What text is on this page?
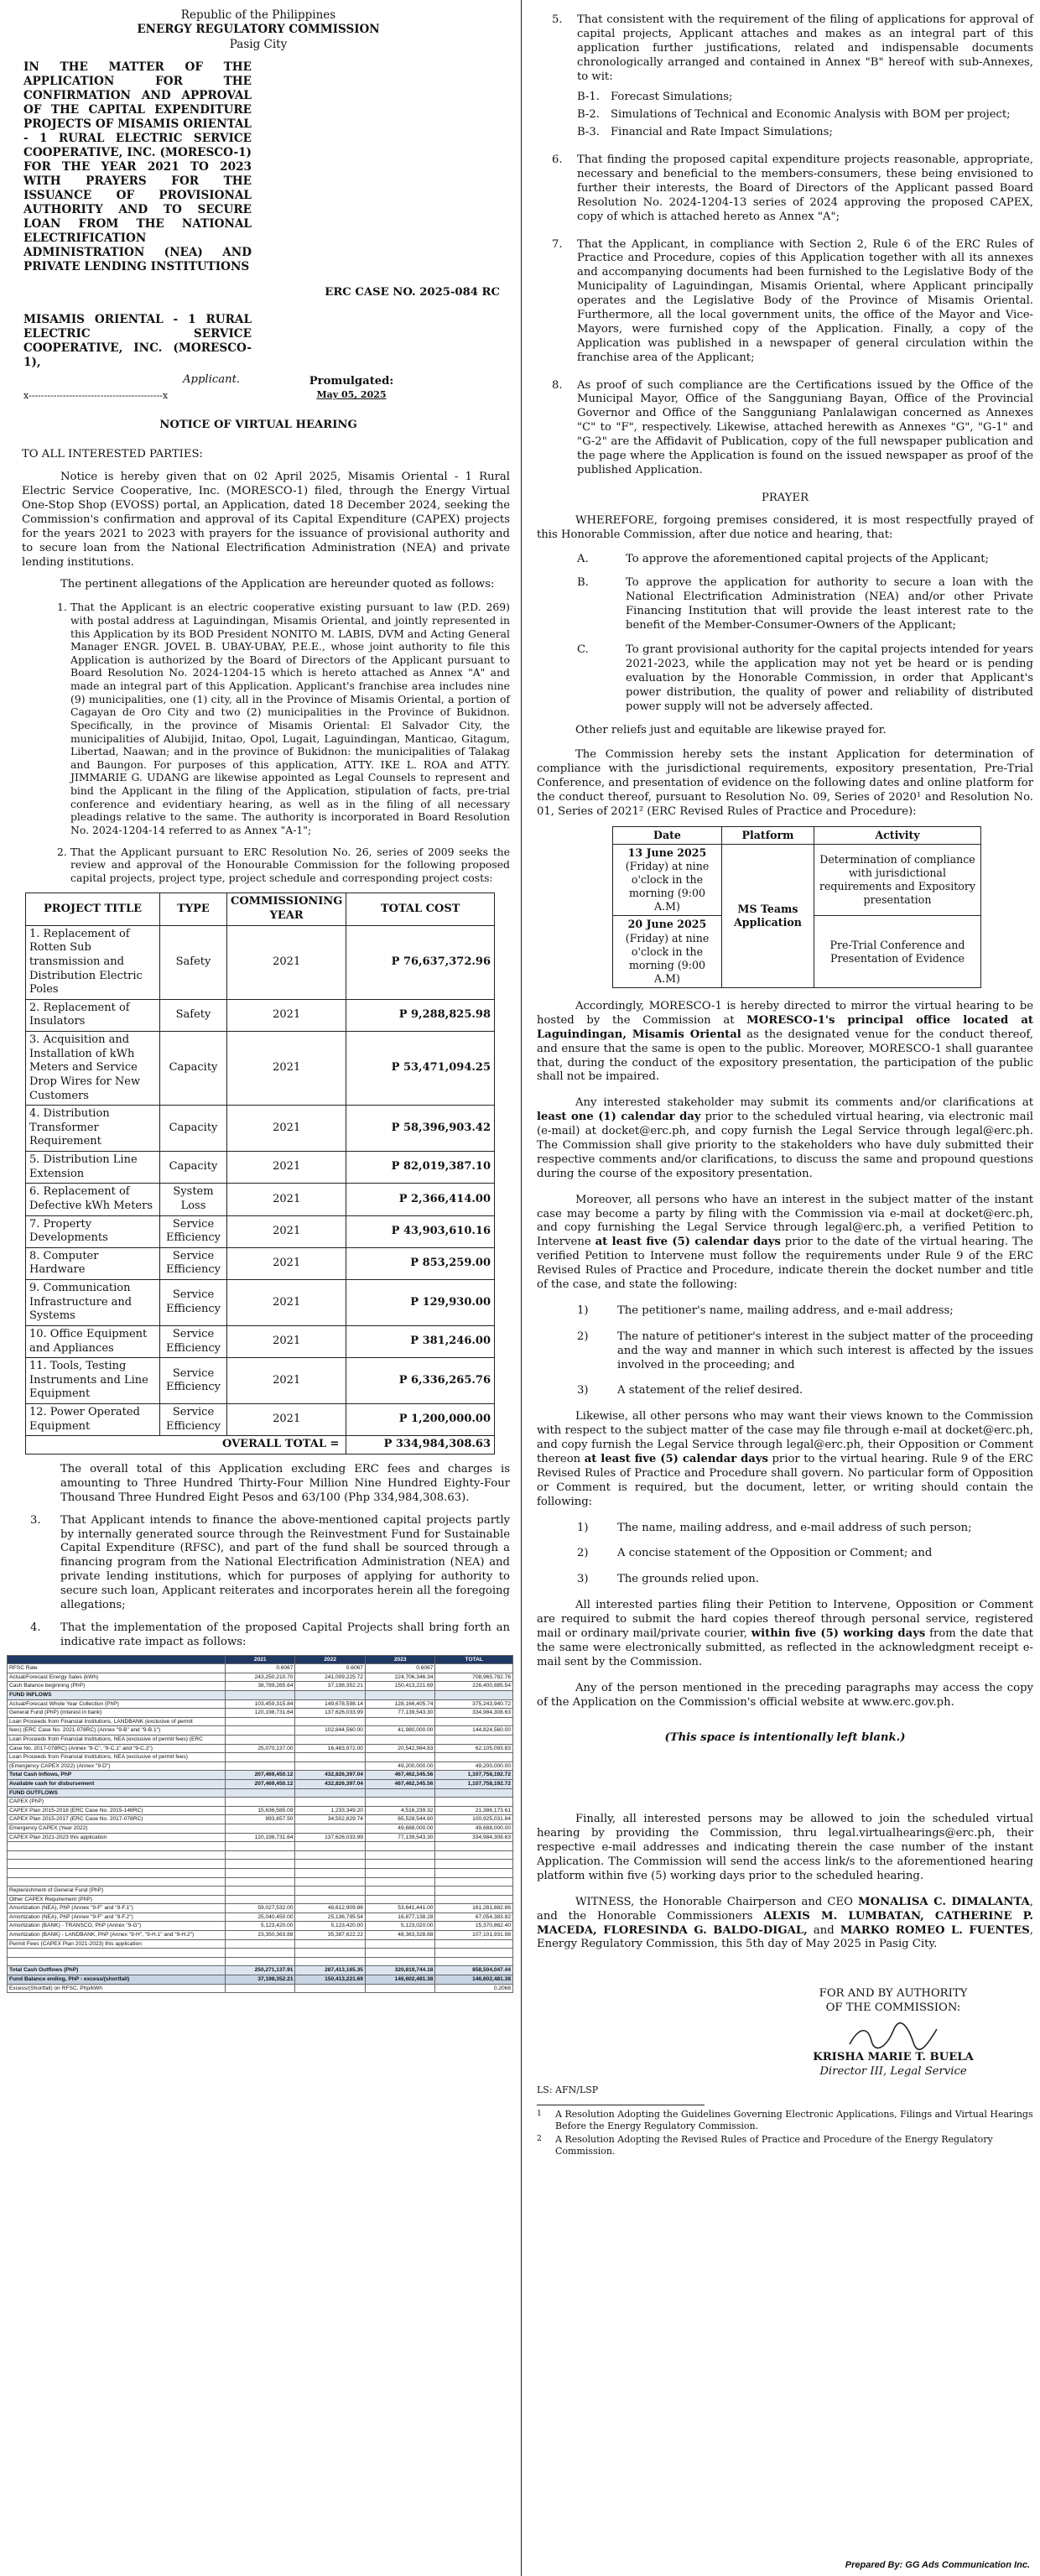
Republic of the Philippines
ENERGY REGULATORY COMMISSION
Pasig City
IN THE MATTER OF THE APPLICATION FOR THE CONFIRMATION AND APPROVAL OF THE CAPITAL EXPENDITURE PROJECTS OF MISAMIS ORIENTAL - 1 RURAL ELECTRIC SERVICE COOPERATIVE, INC. (MORESCO-1) FOR THE YEAR 2021 TO 2023 WITH PRAYERS FOR THE ISSUANCE OF PROVISIONAL AUTHORITY AND TO SECURE LOAN FROM THE NATIONAL ELECTRIFICATION ADMINISTRATION (NEA) AND PRIVATE LENDING INSTITUTIONS
ERC CASE NO. 2025-084 RC
MISAMIS ORIENTAL - 1 RURAL ELECTRIC SERVICE COOPERATIVE, INC. (MORESCO-1),
Applicant.	Promulgated:
May 05, 2025
x-------------------------------------------x
NOTICE OF VIRTUAL HEARING
TO ALL INTERESTED PARTIES:

Notice is hereby given that on 02 April 2025, Misamis Oriental - 1 Rural Electric Service Cooperative, Inc. (MORESCO-1) filed, through the Energy Virtual One-Stop Shop (EVOSS) portal, an Application, dated 18 December 2024, seeking the Commission's confirmation and approval of its Capital Expenditure (CAPEX) projects for the years 2021 to 2023 with prayers for the issuance of provisional authority and to secure loan from the National Electrification Administration (NEA) and private lending institutions.

The pertinent allegations of the Application are hereunder quoted as follows:

1. That the Applicant is an electric cooperative existing pursuant to law (P.D. 269) with postal address at Laguindingan, Misamis Oriental, and jointly represented in this Application by its BOD President NONITO M. LABIS, DVM and Acting General Manager ENGR. JOVEL B. UBAY-UBAY, P.E.E., whose joint authority to file this Application is authorized by the Board of Directors of the Applicant pursuant to Board Resolution No. 2024-1204-15 which is hereto attached as Annex "A" and made an integral part of this Application. Applicant's franchise area includes nine (9) municipalities, one (1) city, all in the Province of Misamis Oriental, a portion of Cagayan de Oro City and two (2) municipalities in the Province of Bukidnon. Specifically, in the province of Misamis Oriental: El Salvador City, the municipalities of Alubijid, Initao, Opol, Lugait, Laguindingan, Manticao, Gitagum, Libertad, Naawan; and in the province of Bukidnon: the municipalities of Talakag and Baungon. For purposes of this application, ATTY. IKE L. ROA and ATTY. JIMMARIE G. UDANG are likewise appointed as Legal Counsels to represent and bind the Applicant in the filing of the Application, stipulation of facts, pre-trial conference and evidentiary hearing, as well as in the filing of all necessary pleadings relative to the same. The authority is incorporated in Board Resolution No. 2024-1204-14 referred to as Annex "A-1";
2. That the Applicant pursuant to ERC Resolution No. 26, series of 2009 seeks the review and approval of the Honourable Commission for the following proposed capital projects, project type, project schedule and corresponding project costs:
PROJECT TITLE	TYPE	COMMISSIONING YEAR	TOTAL COST
1. Replacement of Rotten Sub transmission and Distribution Electric Poles	Safety	2021	P 76,637,372.96
2. Replacement of Insulators	Safety	2021	P 9,288,825.98
3. Acquisition and Installation of kWh Meters and Service Drop Wires for New Customers	Capacity	2021	P 53,471,094.25
4. Distribution Transformer Requirement	Capacity	2021	P 58,396,903.42
5. Distribution Line Extension	Capacity	2021	P 82,019,387.10
6. Replacement of Defective kWh Meters	System Loss	2021	P 2,366,414.00
7. Property Developments	Service Efficiency	2021	P 43,903,610.16
8. Computer Hardware	Service Efficiency	2021	P 853,259.00
9. Communication Infrastructure and Systems	Service Efficiency	2021	P 129,930.00
10. Office Equipment and Appliances	Service Efficiency	2021	P 381,246.00
11. Tools, Testing Instruments and Line Equipment	Service Efficiency	2021	P 6,336,265.76
12. Power Operated Equipment	Service Efficiency	2021	P 1,200,000.00
OVERALL TOTAL =			P 334,984,308.63

The overall total of this Application excluding ERC fees and charges is amounting to Three Hundred Thirty-Four Million Nine Hundred Eighty-Four Thousand Three Hundred Eight Pesos and 63/100 (Php 334,984,308.63).

3.	That Applicant intends to finance the above-mentioned capital projects partly by internally generated source through the Reinvestment Fund for Sustainable Capital Expenditure (RFSC), and part of the fund shall be sourced through a financing program from the National Electrification Administration (NEA) and private lending institutions, which for purposes of applying for authority to secure such loan, Applicant reiterates and incorporates herein all the foregoing allegations;
4.	That the implementation of the proposed Capital Projects shall bring forth an indicative rate impact as follows:
	2021	2022	2023	TOTAL
RFSC Rate	0.6067	0.6067	0.6067	
Actual/Forecast Energy Sales (kWh)	243,250,210.70	241,009,225.72	224,706,346.34	708,965,782.76
Cash Balance beginning (PhP)	38,789,265.64	37,198,352.21	150,413,221.69	226,400,885.54
FUND INFLOWS				
Actual/Forecast Whole Year Collection (PhP)	103,459,315.84	149,678,598.14	128,166,405.74	375,243,940.72
General Fund (PhP) (Interest in bank)	120,198,731.64	137,626,033.99	77,139,543.30	334,984,308.63
Loan Proceeds from Financial Institutions, LANDBANK (exclusive of permit				
fees) (ERC Case No. 2021-078RC) (Annex "9-B" and "9-B.1")		102,844,560.00	41,980,000.00	144,824,560.00
Loan Proceeds from Financial Institutions, NEA (exclusive of permit fees) (ERC				
Case No. 2017-078RC) (Annex "9-C", "9-C.1" and "9-C.2")	25,070,137.00	16,483,972.00	20,542,984.83	62,105,093.83
Loan Proceeds from Financial Institutions, NEA (exclusive of permit fees)				
(Emergency CAPEX 2022) (Annex "9-D")			49,200,000.00	49,200,000.00
Total Cash Inflows, PhP	207,469,450.12	432,826,397.04	467,462,345.56	1,107,758,192.72
Available cash for disbursement	207,469,450.12	432,826,397.04	467,462,345.56	1,107,758,192.72
FUND OUTFLOWS				
CAPEX (PhP)				
CAPEX Plan 2015-2018 (ERC Case No. 2015-148RC)	15,636,585.09	1,233,349.20	4,516,239.32	21,386,173.61
CAPEX Plan 2015-2017 (ERC Case No. 2017-078RC)	893,657.50	34,502,829.74	65,528,544.60	100,925,031.84
Emergency CAPEX (Year 2022)			49,688,000.00	49,688,000.00
CAPEX Plan 2021-2023 this application	120,198,731.64	137,626,033.99	77,139,543.30	334,984,308.63

Replenishment of General Fund (PhP)				
Other CAPEX Requirement (PhP)				
Amortization (NEA), PhP (Annex "9-F" and "9-F.1")	59,027,532.00	48,612,909.86	53,641,441.00	161,281,882.86
Amortization (NEA), PhP (Annex "9-F" and "9-F.2")	25,040,450.00	25,136,795.54	16,877,138.28	67,054,383.82
Amortization (BANK) - TRANSCO, PhP (Annex "9-G")	5,123,420.00	5,123,420.00	5,123,020.00	15,370,862.40
Amortization (BANK) - LANDBANK, PhP (Annex "9-H", "9-H.1" and "9-H.2")	23,350,363.88	35,387,622.22	48,363,328.88	107,101,931.98
Permit Fees (CAPEX Plan 2021-2023) this application				

Total Cash Outflows (PhP)	250,271,137.91	287,413,165.35	320,819,744.18	858,504,047.44
Fund Balance ending, PhP - excess/(shortfall)	37,198,352.21	150,413,221.69	146,602,481.38	146,602,481.38
Excess/(Shortfall) on RFSC, Php/kWh				0.2068
5.	That consistent with the requirement of the filing of applications for approval of capital projects, Applicant attaches and makes as an integral part of this application further justifications, related and indispensable documents chronologically arranged and contained in Annex "B" hereof with sub-Annexes, to wit:
B-1. Forecast Simulations;
B-2. Simulations of Technical and Economic Analysis with BOM per project;
B-3. Financial and Rate Impact Simulations;
6.	That finding the proposed capital expenditure projects reasonable, appropriate, necessary and beneficial to the members-consumers, these being envisioned to further their interests, the Board of Directors of the Applicant passed Board Resolution No. 2024-1204-13 series of 2024 approving the proposed CAPEX, copy of which is attached hereto as Annex "A";
7.	That the Applicant, in compliance with Section 2, Rule 6 of the ERC Rules of Practice and Procedure, copies of this Application together with all its annexes and accompanying documents had been furnished to the Legislative Body of the Municipality of Laguindingan, Misamis Oriental, where Applicant principally operates and the Legislative Body of the Province of Misamis Oriental. Furthermore, all the local government units, the office of the Mayor and Vice-Mayors, were furnished copy of the Application. Finally, a copy of the Application was published in a newspaper of general circulation within the franchise area of the Applicant;
8.	As proof of such compliance are the Certifications issued by the Office of the Municipal Mayor, Office of the Sangguniang Bayan, Office of the Provincial Governor and Office of the Sangguniang Panlalawigan concerned as Annexes "C" to "F", respectively. Likewise, attached herewith as Annexes "G", "G-1" and "G-2" are the Affidavit of Publication, copy of the full newspaper publication and the page where the Application is found on the issued newspaper as proof of the published Application.
PRAYER

WHEREFORE, forgoing premises considered, it is most respectfully prayed of this Honorable Commission, after due notice and hearing, that:

A.	To approve the aforementioned capital projects of the Applicant;
B.	To approve the application for authority to secure a loan with the National Electrification Administration (NEA) and/or other Private Financing Institution that will provide the least interest rate to the benefit of the Member-Consumer-Owners of the Applicant;
C.	To grant provisional authority for the capital projects intended for years 2021-2023, while the application may not yet be heard or is pending evaluation by the Honorable Commission, in order that Applicant's power distribution, the quality of power and reliability of distributed power supply will not be adversely affected.

Other reliefs just and equitable are likewise prayed for.

The Commission hereby sets the instant Application for determination of compliance with the jurisdictional requirements, expository presentation, Pre-Trial Conference, and presentation of evidence on the following dates and online platform for the conduct thereof, pursuant to Resolution No. 09, Series of 2020¹ and Resolution No. 01, Series of 2021² (ERC Revised Rules of Practice and Procedure):

Date	Platform	Activity
13 June 2025
(Friday) at nine o'clock in the morning (9:00 A.M)	MS Teams Application	Determination of compliance with jurisdictional requirements and Expository presentation
20 June 2025
(Friday) at nine o'clock in the morning (9:00 A.M)		Pre-Trial Conference and Presentation of Evidence

Accordingly, MORESCO-1 is hereby directed to mirror the virtual hearing to be hosted by the Commission at MORESCO-1's principal office located at Laguindingan, Misamis Oriental as the designated venue for the conduct thereof, and ensure that the same is open to the public. Moreover, MORESCO-1 shall guarantee that, during the conduct of the expository presentation, the participation of the public shall not be impaired.

Any interested stakeholder may submit its comments and/or clarifications at least one (1) calendar day prior to the scheduled virtual hearing, via electronic mail (e-mail) at docket@erc.ph, and copy furnish the Legal Service through legal@erc.ph. The Commission shall give priority to the stakeholders who have duly submitted their respective comments and/or clarifications, to discuss the same and propound questions during the course of the expository presentation.

Moreover, all persons who have an interest in the subject matter of the instant case may become a party by filing with the Commission via e-mail at docket@erc.ph, and copy furnishing the Legal Service through legal@erc.ph, a verified Petition to Intervene at least five (5) calendar days prior to the date of the virtual hearing. The verified Petition to Intervene must follow the requirements under Rule 9 of the ERC Revised Rules of Practice and Procedure, indicate therein the docket number and title of the case, and state the following:

1)	The petitioner's name, mailing address, and e-mail address;
2)	The nature of petitioner's interest in the subject matter of the proceeding and the way and manner in which such interest is affected by the issues involved in the proceeding; and
3)	A statement of the relief desired.

Likewise, all other persons who may want their views known to the Commission with respect to the subject matter of the case may file through e-mail at docket@erc.ph, and copy furnish the Legal Service through legal@erc.ph, their Opposition or Comment thereon at least five (5) calendar days prior to the virtual hearing. Rule 9 of the ERC Revised Rules of Practice and Procedure shall govern. No particular form of Opposition or Comment is required, but the document, letter, or writing should contain the following:

1)	The name, mailing address, and e-mail address of such person;
2)	A concise statement of the Opposition or Comment; and
3)	The grounds relied upon.

All interested parties filing their Petition to Intervene, Opposition or Comment are required to submit the hard copies thereof through personal service, registered mail or ordinary mail/private courier, within five (5) working days from the date that the same were electronically submitted, as reflected in the acknowledgment receipt e-mail sent by the Commission.

Any of the person mentioned in the preceding paragraphs may access the copy of the Application on the Commission's official website at www.erc.gov.ph.

(This space is intentionally left blank.)

Finally, all interested persons may be allowed to join the scheduled virtual hearing by providing the Commission, thru legal.virtualhearings@erc.ph, their respective e-mail addresses and indicating therein the case number of the instant Application. The Commission will send the access link/s to the aforementioned hearing platform within five (5) working days prior to the scheduled hearing.

WITNESS, the Honorable Chairperson and CEO MONALISA C. DIMALANTA, and the Honorable Commissioners ALEXIS M. LUMBATAN, CATHERINE P. MACEDA, FLORESINDA G. BALDO-DIGAL, and MARKO ROMEO L. FUENTES, Energy Regulatory Commission, this 5th day of May 2025 in Pasig City.

FOR AND BY AUTHORITY
OF THE COMMISSION:
KRISHA MARIE T. BUELA
Director III, Legal Service
LS: AFN/LSP
1	A Resolution Adopting the Guidelines Governing Electronic Applications, Filings and Virtual Hearings Before the Energy Regulatory Commission.
2	A Resolution Adopting the Revised Rules of Practice and Procedure of the Energy Regulatory Commission.
Prepared By: GG Ads Communication Inc.
